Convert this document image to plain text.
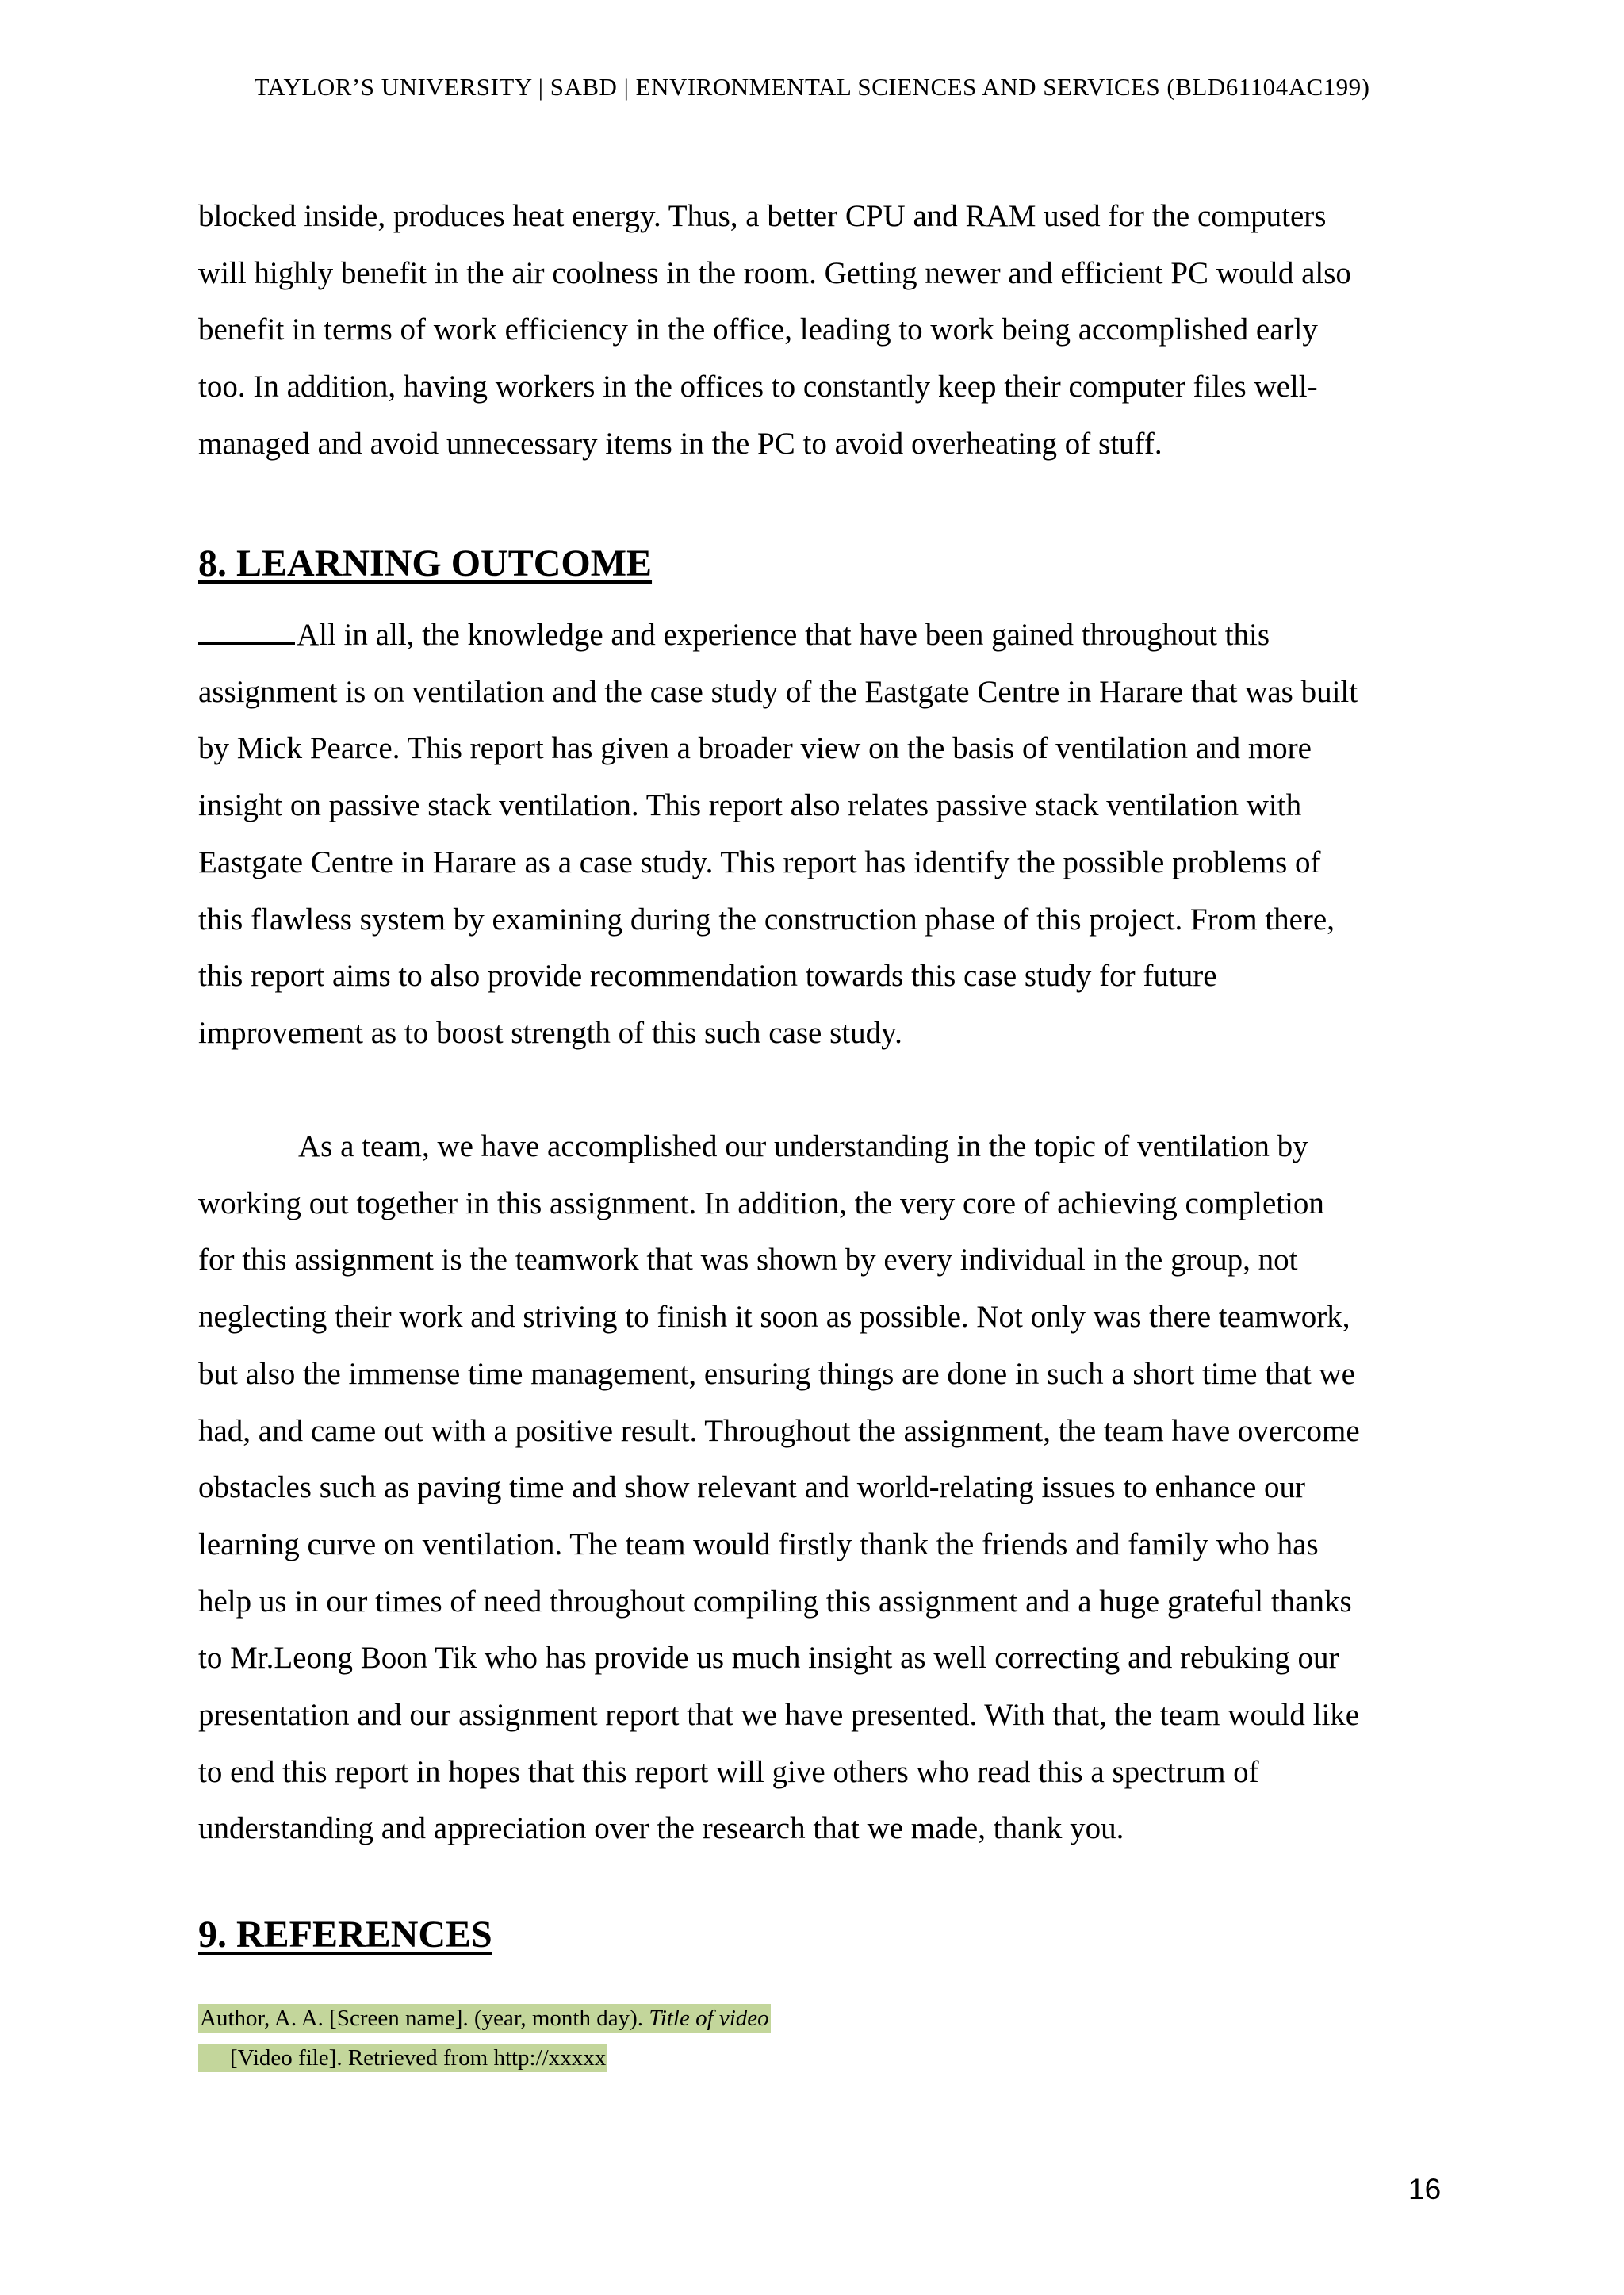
TAYLOR’S UNIVERSITY | SABD | ENVIRONMENTAL SCIENCES AND SERVICES (BLD61104AC199)
blocked inside, produces heat energy. Thus, a better CPU and RAM used for the computers
will highly benefit in the air coolness in the room. Getting newer and efficient PC would also
benefit in terms of work efficiency in the office, leading to work being accomplished early
too. In addition, having workers in the offices to constantly keep their computer files well-
managed and avoid unnecessary items in the PC to avoid overheating of stuff.
8. LEARNING OUTCOME
All in all, the knowledge and experience that have been gained throughout this
assignment is on ventilation and the case study of the Eastgate Centre in Harare that was built
by Mick Pearce. This report has given a broader view on the basis of ventilation and more
insight on passive stack ventilation. This report also relates passive stack ventilation with
Eastgate Centre in Harare as a case study. This report has identify the possible problems of
this flawless system by examining during the construction phase of this project. From there,
this report aims to also provide recommendation towards this case study for future
improvement as to boost strength of this such case study.
As a team, we have accomplished our understanding in the topic of ventilation by
working out together in this assignment. In addition, the very core of achieving completion
for this assignment is the teamwork that was shown by every individual in the group, not
neglecting their work and striving to finish it soon as possible. Not only was there teamwork,
but also the immense time management, ensuring things are done in such a short time that we
had, and came out with a positive result. Throughout the assignment, the team have overcome
obstacles such as paving time and show relevant and world-relating issues to enhance our
learning curve on ventilation. The team would firstly thank the friends and family who has
help us in our times of need throughout compiling this assignment and a huge grateful thanks
to Mr.Leong Boon Tik who has provide us much insight as well correcting and rebuking our
presentation and our assignment report that we have presented. With that, the team would like
to end this report in hopes that this report will give others who read this a spectrum of
understanding and appreciation over the research that we made, thank you.
9. REFERENCES
Author, A. A. [Screen name]. (year, month day). Title of video
[Video file]. Retrieved from http://xxxxx
16
